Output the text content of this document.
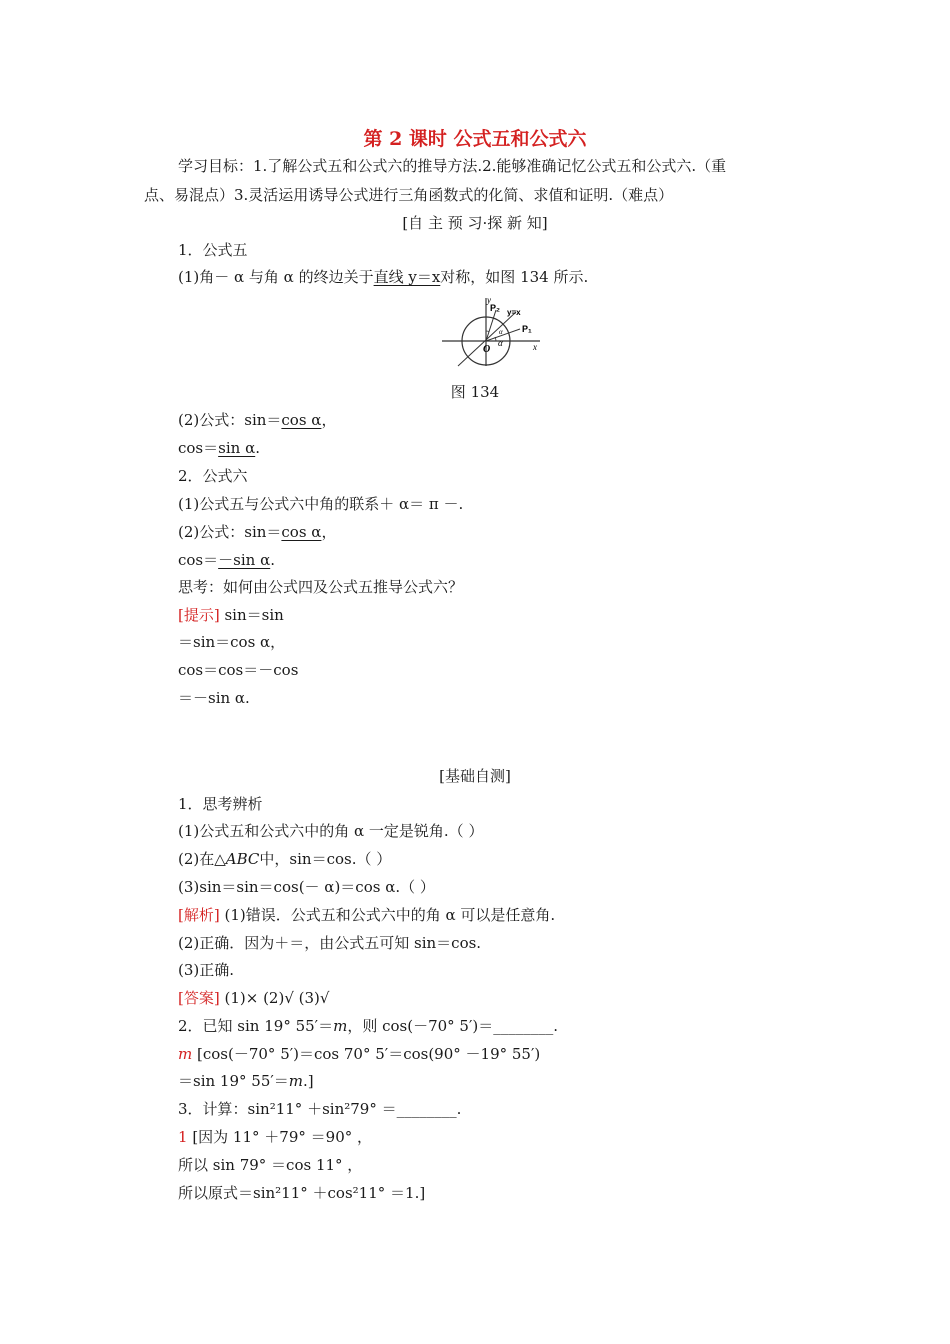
第 2 课时 公式五和公式六
学习目标：1.了解公式五和公式六的推导方法.2.能够准确记忆公式五和公式六.（重
点、易混点）3.灵活运用诱导公式进行三角函数式的化简、求值和证明.（难点）
[自 主 预 习·探 新 知]
1．公式五
(1)角－ α 与角 α 的终边关于直线 y＝x对称，如图 134 所示.
y
x
O
P₁
P₂ y=x
α
α
图 134
(2)公式：sin＝cos α，
cos＝sin α.
2．公式六
(1)公式五与公式六中角的联系＋ α＝ π －.
(2)公式：sin＝cos α，
cos＝－sin α.
思考：如何由公式四及公式五推导公式六？
[提示] sin＝sin
＝sin＝cos α，
cos＝cos＝－cos
＝－sin α.
[基础自测]
1．思考辨析
(1)公式五和公式六中的角 α 一定是锐角.（ ）
(2)在△ABC中，sin＝cos.（ ）
(3)sin＝sin＝cos(－ α)＝cos α.（ ）
[解析] (1)错误．公式五和公式六中的角 α 可以是任意角.
(2)正确．因为＋＝，由公式五可知 sin＝cos.
(3)正确.
[答案] (1)× (2)√ (3)√
2．已知 sin 19° 55′＝m，则 cos(－70° 5′)＝________.
m [cos(－70° 5′)＝cos 70° 5′＝cos(90° －19° 55′)
＝sin 19° 55′＝m.]
3．计算：sin²11° ＋sin²79° ＝________.
1 [因为 11° ＋79° ＝90° ，
所以 sin 79° ＝cos 11° ，
所以原式＝sin²11° ＋cos²11° ＝1.]
